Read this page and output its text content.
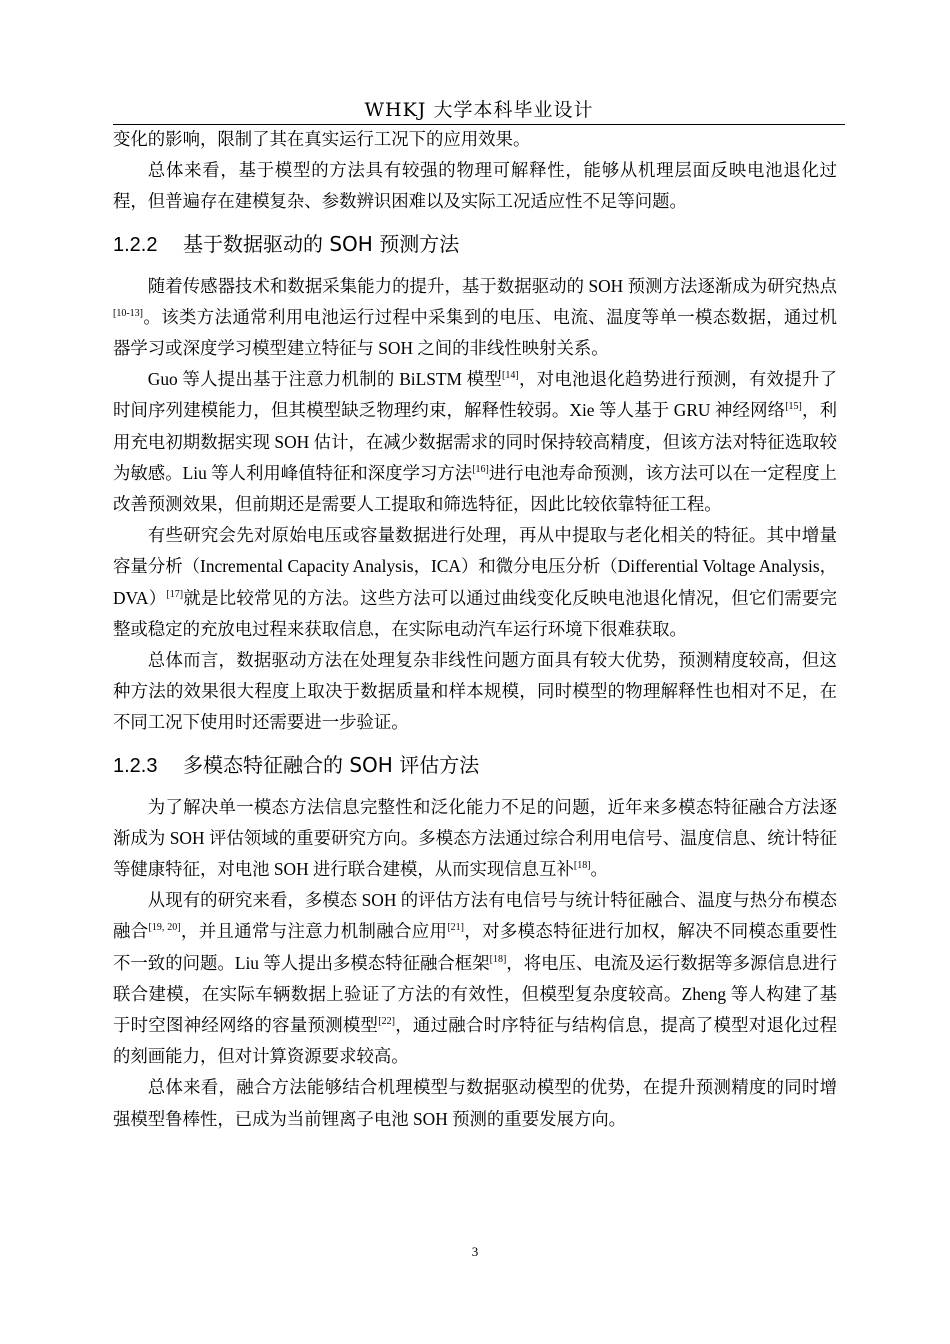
WHKJ 大学本科毕业设计

变化的影响，限制了其在真实运行工况下的应用效果。

总体来看，基于模型的方法具有较强的物理可解释性，能够从机理层面反映电池退化过程，但普遍存在建模复杂、参数辨识困难以及实际工况适应性不足等问题。

1.2.2 基于数据驱动的 SOH 预测方法

随着传感器技术和数据采集能力的提升，基于数据驱动的 SOH 预测方法逐渐成为研究热点[10-13]。该类方法通常利用电池运行过程中采集到的电压、电流、温度等单一模态数据，通过机器学习或深度学习模型建立特征与 SOH 之间的非线性映射关系。

Guo 等人提出基于注意力机制的 BiLSTM 模型[14]，对电池退化趋势进行预测，有效提升了时间序列建模能力，但其模型缺乏物理约束，解释性较弱。Xie 等人基于 GRU 神经网络[15]，利用充电初期数据实现 SOH 估计，在减少数据需求的同时保持较高精度，但该方法对特征选取较为敏感。Liu 等人利用峰值特征和深度学习方法[16]进行电池寿命预测，该方法可以在一定程度上改善预测效果，但前期还是需要人工提取和筛选特征，因此比较依靠特征工程。

有些研究会先对原始电压或容量数据进行处理，再从中提取与老化相关的特征。其中增量容量分析（Incremental Capacity Analysis，ICA）和微分电压分析（Differential Voltage Analysis，DVA）[17]就是比较常见的方法。这些方法可以通过曲线变化反映电池退化情况，但它们需要完整或稳定的充放电过程来获取信息，在实际电动汽车运行环境下很难获取。

总体而言，数据驱动方法在处理复杂非线性问题方面具有较大优势，预测精度较高，但这种方法的效果很大程度上取决于数据质量和样本规模，同时模型的物理解释性也相对不足，在不同工况下使用时还需要进一步验证。

1.2.3 多模态特征融合的 SOH 评估方法

为了解决单一模态方法信息完整性和泛化能力不足的问题，近年来多模态特征融合方法逐渐成为 SOH 评估领域的重要研究方向。多模态方法通过综合利用电信号、温度信息、统计特征等健康特征，对电池 SOH 进行联合建模，从而实现信息互补[18]。

从现有的研究来看，多模态 SOH 的评估方法有电信号与统计特征融合、温度与热分布模态融合[19, 20]，并且通常与注意力机制融合应用[21]，对多模态特征进行加权，解决不同模态重要性不一致的问题。Liu 等人提出多模态特征融合框架[18]，将电压、电流及运行数据等多源信息进行联合建模，在实际车辆数据上验证了方法的有效性，但模型复杂度较高。Zheng 等人构建了基于时空图神经网络的容量预测模型[22]，通过融合时序特征与结构信息，提高了模型对退化过程的刻画能力，但对计算资源要求较高。

总体来看，融合方法能够结合机理模型与数据驱动模型的优势，在提升预测精度的同时增强模型鲁棒性，已成为当前锂离子电池 SOH 预测的重要发展方向。

3
